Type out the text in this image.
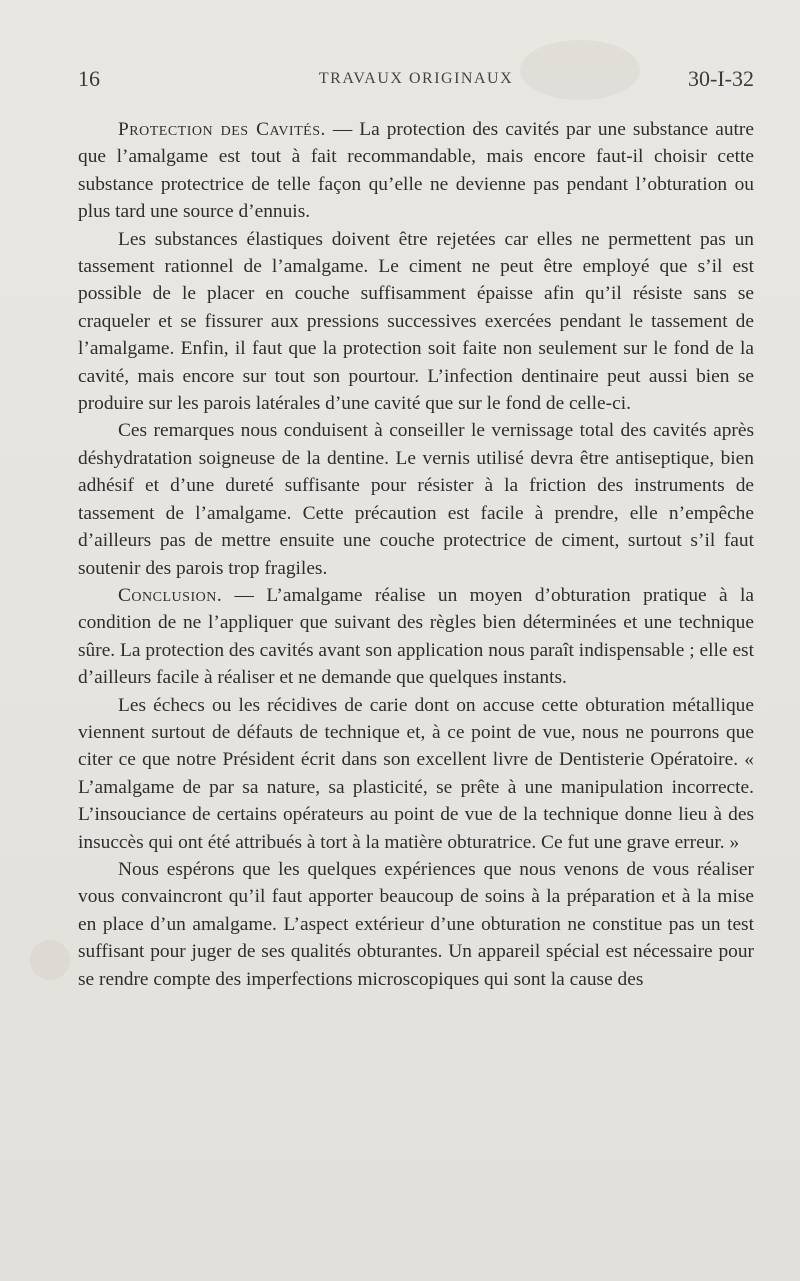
16	TRAVAUX ORIGINAUX	30-I-32

Protection des Cavités. — La protection des cavités par une substance autre que l’amalgame est tout à fait recommandable, mais encore faut-il choisir cette substance protectrice de telle façon qu’elle ne devienne pas pendant l’obturation ou plus tard une source d’ennuis.

Les substances élastiques doivent être rejetées car elles ne permettent pas un tassement rationnel de l’amalgame. Le ciment ne peut être employé que s’il est possible de le placer en couche suffisamment épaisse afin qu’il résiste sans se craqueler et se fissurer aux pressions successives exercées pendant le tassement de l’amalgame. Enfin, il faut que la protection soit faite non seulement sur le fond de la cavité, mais encore sur tout son pourtour. L’infection dentinaire peut aussi bien se produire sur les parois latérales d’une cavité que sur le fond de celle-ci.

Ces remarques nous conduisent à conseiller le vernissage total des cavités après déshydratation soigneuse de la dentine. Le vernis utilisé devra être antiseptique, bien adhésif et d’une dureté suffisante pour résister à la friction des instruments de tassement de l’amalgame. Cette précaution est facile à prendre, elle n’empêche d’ailleurs pas de mettre ensuite une couche protectrice de ciment, surtout s’il faut soutenir des parois trop fragiles.

Conclusion. — L’amalgame réalise un moyen d’obturation pratique à la condition de ne l’appliquer que suivant des règles bien déterminées et une technique sûre. La protection des cavités avant son application nous paraît indispensable ; elle est d’ailleurs facile à réaliser et ne demande que quelques instants.

Les échecs ou les récidives de carie dont on accuse cette obturation métallique viennent surtout de défauts de technique et, à ce point de vue, nous ne pourrons que citer ce que notre Président écrit dans son excellent livre de Dentisterie Opératoire. « L’amalgame de par sa nature, sa plasticité, se prête à une manipulation incorrecte. L’insouciance de certains opérateurs au point de vue de la technique donne lieu à des insuccès qui ont été attribués à tort à la matière obturatrice. Ce fut une grave erreur. »

Nous espérons que les quelques expériences que nous venons de vous réaliser vous convaincront qu’il faut apporter beaucoup de soins à la préparation et à la mise en place d’un amalgame. L’aspect extérieur d’une obturation ne constitue pas un test suffisant pour juger de ses qualités obturantes. Un appareil spécial est nécessaire pour se rendre compte des imperfections microscopiques qui sont la cause des
